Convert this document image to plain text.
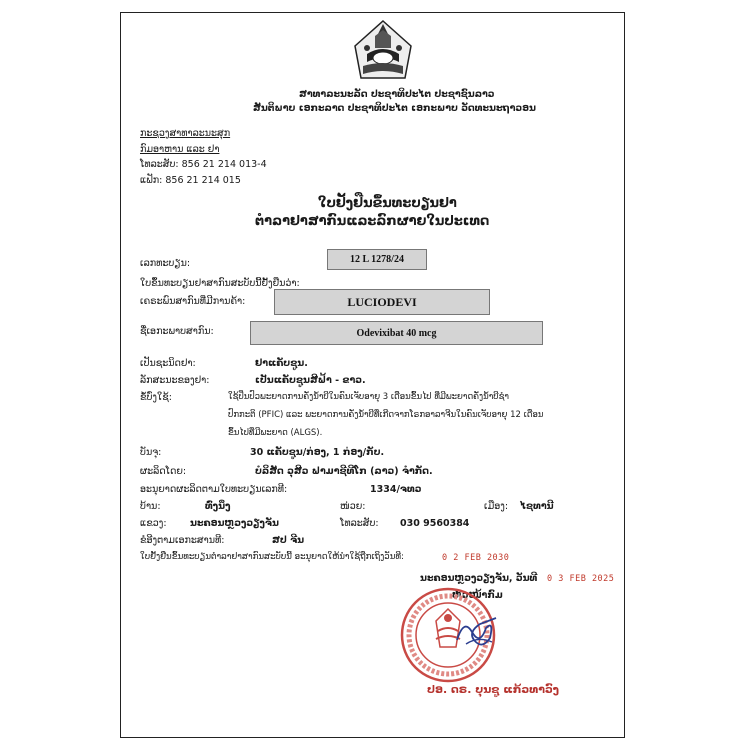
ສາທາລະນະລັດ ປະຊາທິປະໄຕ ປະຊາຊົນລາວ
ສັນຕິພາບ ເອກະລາດ ປະຊາທິປະໄຕ ເອກະພາບ ວັດທະນະຖາວອນ
ກະຊວງສາທາລະນະສຸກ
ກົມອາຫານ ແລະ ຢາ
ໂທລະສັບ: 856 21 214 013-4
ແຟັກ: 856 21 214 015
ໃບຢັ້ງຢືນຂຶ້ນທະບຽນຢາ
ຕໍາລາຢາສາກົນແລະລົກຜາຍໃນປະເທດ
ເລກທະບຽນ:	12 L 1278/24
ໃບຂຶ້ນທະບຽນຢາສາກົນສະບັບນີ້ຢັ້ງຢືນວ່າ:
ເຄຣະພົນສາກົນທີ່ມີການຄ້າ:	LUCIODEVI
ຊື່ເອກະພາບສາກົນ:	Odevixibat 40 mcg
ເປັນຊະນິດຢາ:	ຢາແຄັບຊູນ.
ລັກສະນະຂອງຢາ:	ເປັນແຄັບຊູນສີຟ້າ - ຂາວ.
ຂໍ້ບົ່ງໃຊ້:	ໃຊ້ປິ່ນປົວພະຍາດການຄັ່ງນໍ້າບີໃນຄົນເຈັບອາຍຸ 3 ເດືອນຂຶ້ນໄປ ທີ່ມີພະຍາດຄັ່ງນໍ້າບີຊຳ
ປົກກະຕິ (PFIC) ແລະ ພະຍາດການຄັ່ງນໍ້າບີທີ່ເກີດຈາກໂຣກອາລາຈີນໃນຄົນເຈັບອາຍຸ 12 ເດືອນ
ຂຶ້ນໄປທີ່ມີພະຍາດ (ALGS).
ບັນຈຸ:	30 ແຄັບຊູນ/ກ່ອງ, 1 ກ່ອງ/ກັບ.
ຜະລິດໂດຍ:	ບໍລິສັດ ວຸສີວ ຟາມາຊີທີໂກ (ລາວ) ຈຳກັດ.
ອະນຸຍາດຜະລິດຕາມໃບທະບຽນເລກທີ:	1334/ຈທວ
ບ້ານ:	ທົ່ງນິ່ງ	ໜ່ວຍ:	ເມືອງ: ໄຊທານີ
ແຂວງ: ນະຄອນຫຼວງວຽງຈັນ	ໂທລະສັບ: 030 9560384
ຂໍອີງຕາມເອກະສານທີ:	ສປ ຈີນ
ໃບຢັ້ງຢືນຂຶ້ນທະບຽນຕຳລາຢາສາກົນສະບັບນີ້ ອະນຸຍາດໃຫ້ນຳໃຊ້ຖືກເຖິງວັນທີ:	0 2 FEB 2030
ນະຄອນຫຼວງວຽງຈັນ, ວັນທີ 0 3 FEB 2025
ຫົວໜ້າກົມ
ປອ. ດຣ. ບຸນຊູ ແກ້ວທາວົງ
